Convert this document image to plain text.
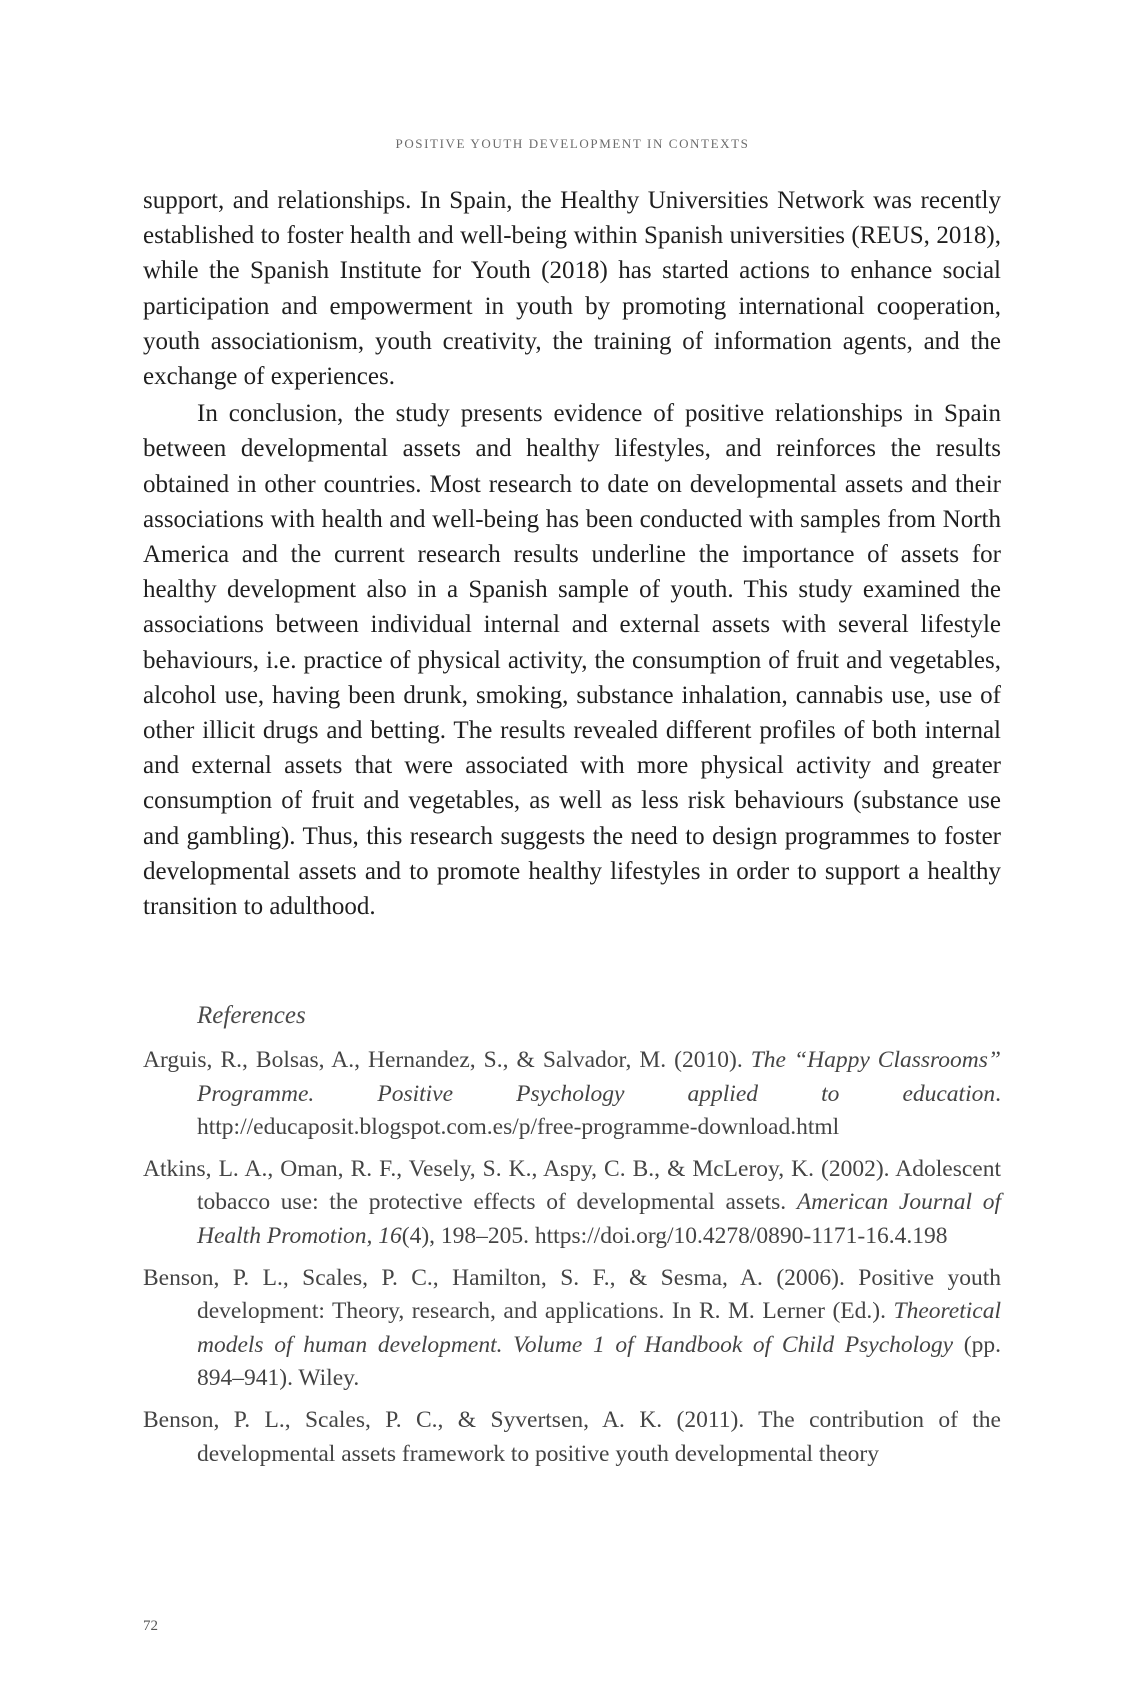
POSITIVE YOUTH DEVELOPMENT IN CONTEXTS

support, and relationships. In Spain, the Healthy Universities Network was recently established to foster health and well-being within Spanish universities (REUS, 2018), while the Spanish Institute for Youth (2018) has started actions to enhance social participation and empowerment in youth by promoting international cooperation, youth associationism, youth creativity, the training of information agents, and the exchange of experiences.

In conclusion, the study presents evidence of positive relationships in Spain between developmental assets and healthy lifestyles, and reinforces the results obtained in other countries. Most research to date on developmental assets and their associations with health and well-being has been conducted with samples from North America and the current research results underline the importance of assets for healthy development also in a Spanish sample of youth. This study examined the associations between individual internal and external assets with several lifestyle behaviours, i.e. practice of physical activity, the consumption of fruit and vegetables, alcohol use, having been drunk, smoking, substance inhalation, cannabis use, use of other illicit drugs and betting. The results revealed different profiles of both internal and external assets that were associated with more physical activity and greater consumption of fruit and vegetables, as well as less risk behaviours (substance use and gambling). Thus, this research suggests the need to design programmes to foster developmental assets and to promote healthy lifestyles in order to support a healthy transition to adulthood.

References
Arguis, R., Bolsas, A., Hernandez, S., & Salvador, M. (2010). The “Happy Classrooms” Programme. Positive Psychology applied to education. http://educaposit.blogspot.com.es/p/free-programme-download.html
Atkins, L. A., Oman, R. F., Vesely, S. K., Aspy, C. B., & McLeroy, K. (2002). Adolescent tobacco use: the protective effects of developmental assets. American Journal of Health Promotion, 16(4), 198–205. https://doi.org/10.4278/0890-1171-16.4.198
Benson, P. L., Scales, P. C., Hamilton, S. F., & Sesma, A. (2006). Positive youth development: Theory, research, and applications. In R. M. Lerner (Ed.). Theoretical models of human development. Volume 1 of Handbook of Child Psychology (pp. 894–941). Wiley.
Benson, P. L., Scales, P. C., & Syvertsen, A. K. (2011). The contribution of the developmental assets framework to positive youth developmental theory
72
